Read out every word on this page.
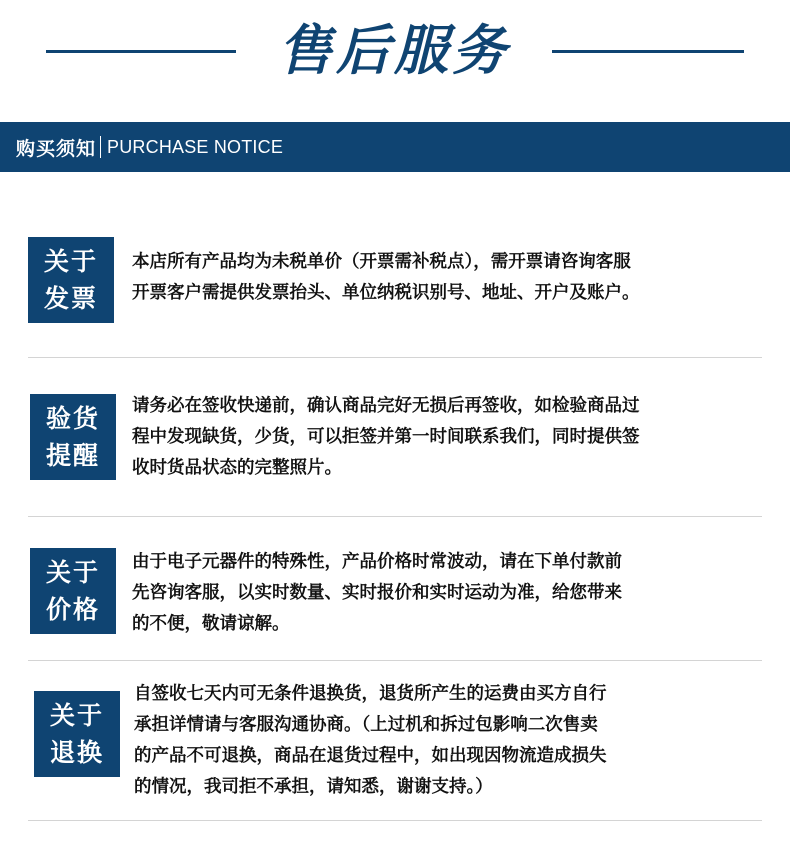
售后服务
购买须知 PURCHASE NOTICE
关于
发票

本店所有产品均为未税单价（开票需补税点），需开票请咨询客服

开票客户需提供发票抬头、单位纳税识别号、地址、开户及账户。

验货
提醒

请务必在签收快递前，确认商品完好无损后再签收，如检验商品过

程中发现缺货，少货，可以拒签并第一时间联系我们，同时提供签

收时货品状态的完整照片。

关于
价格

由于电子元器件的特殊性，产品价格时常波动，请在下单付款前

先咨询客服，以实时数量、实时报价和实时运动为准，给您带来

的不便，敬请谅解。

关于
退换

自签收七天内可无条件退换货，退货所产生的运费由买方自行

承担详情请与客服沟通协商。（上过机和拆过包影响二次售卖

的产品不可退换，商品在退货过程中，如出现因物流造成损失

的情况，我司拒不承担，请知悉，谢谢支持。）
